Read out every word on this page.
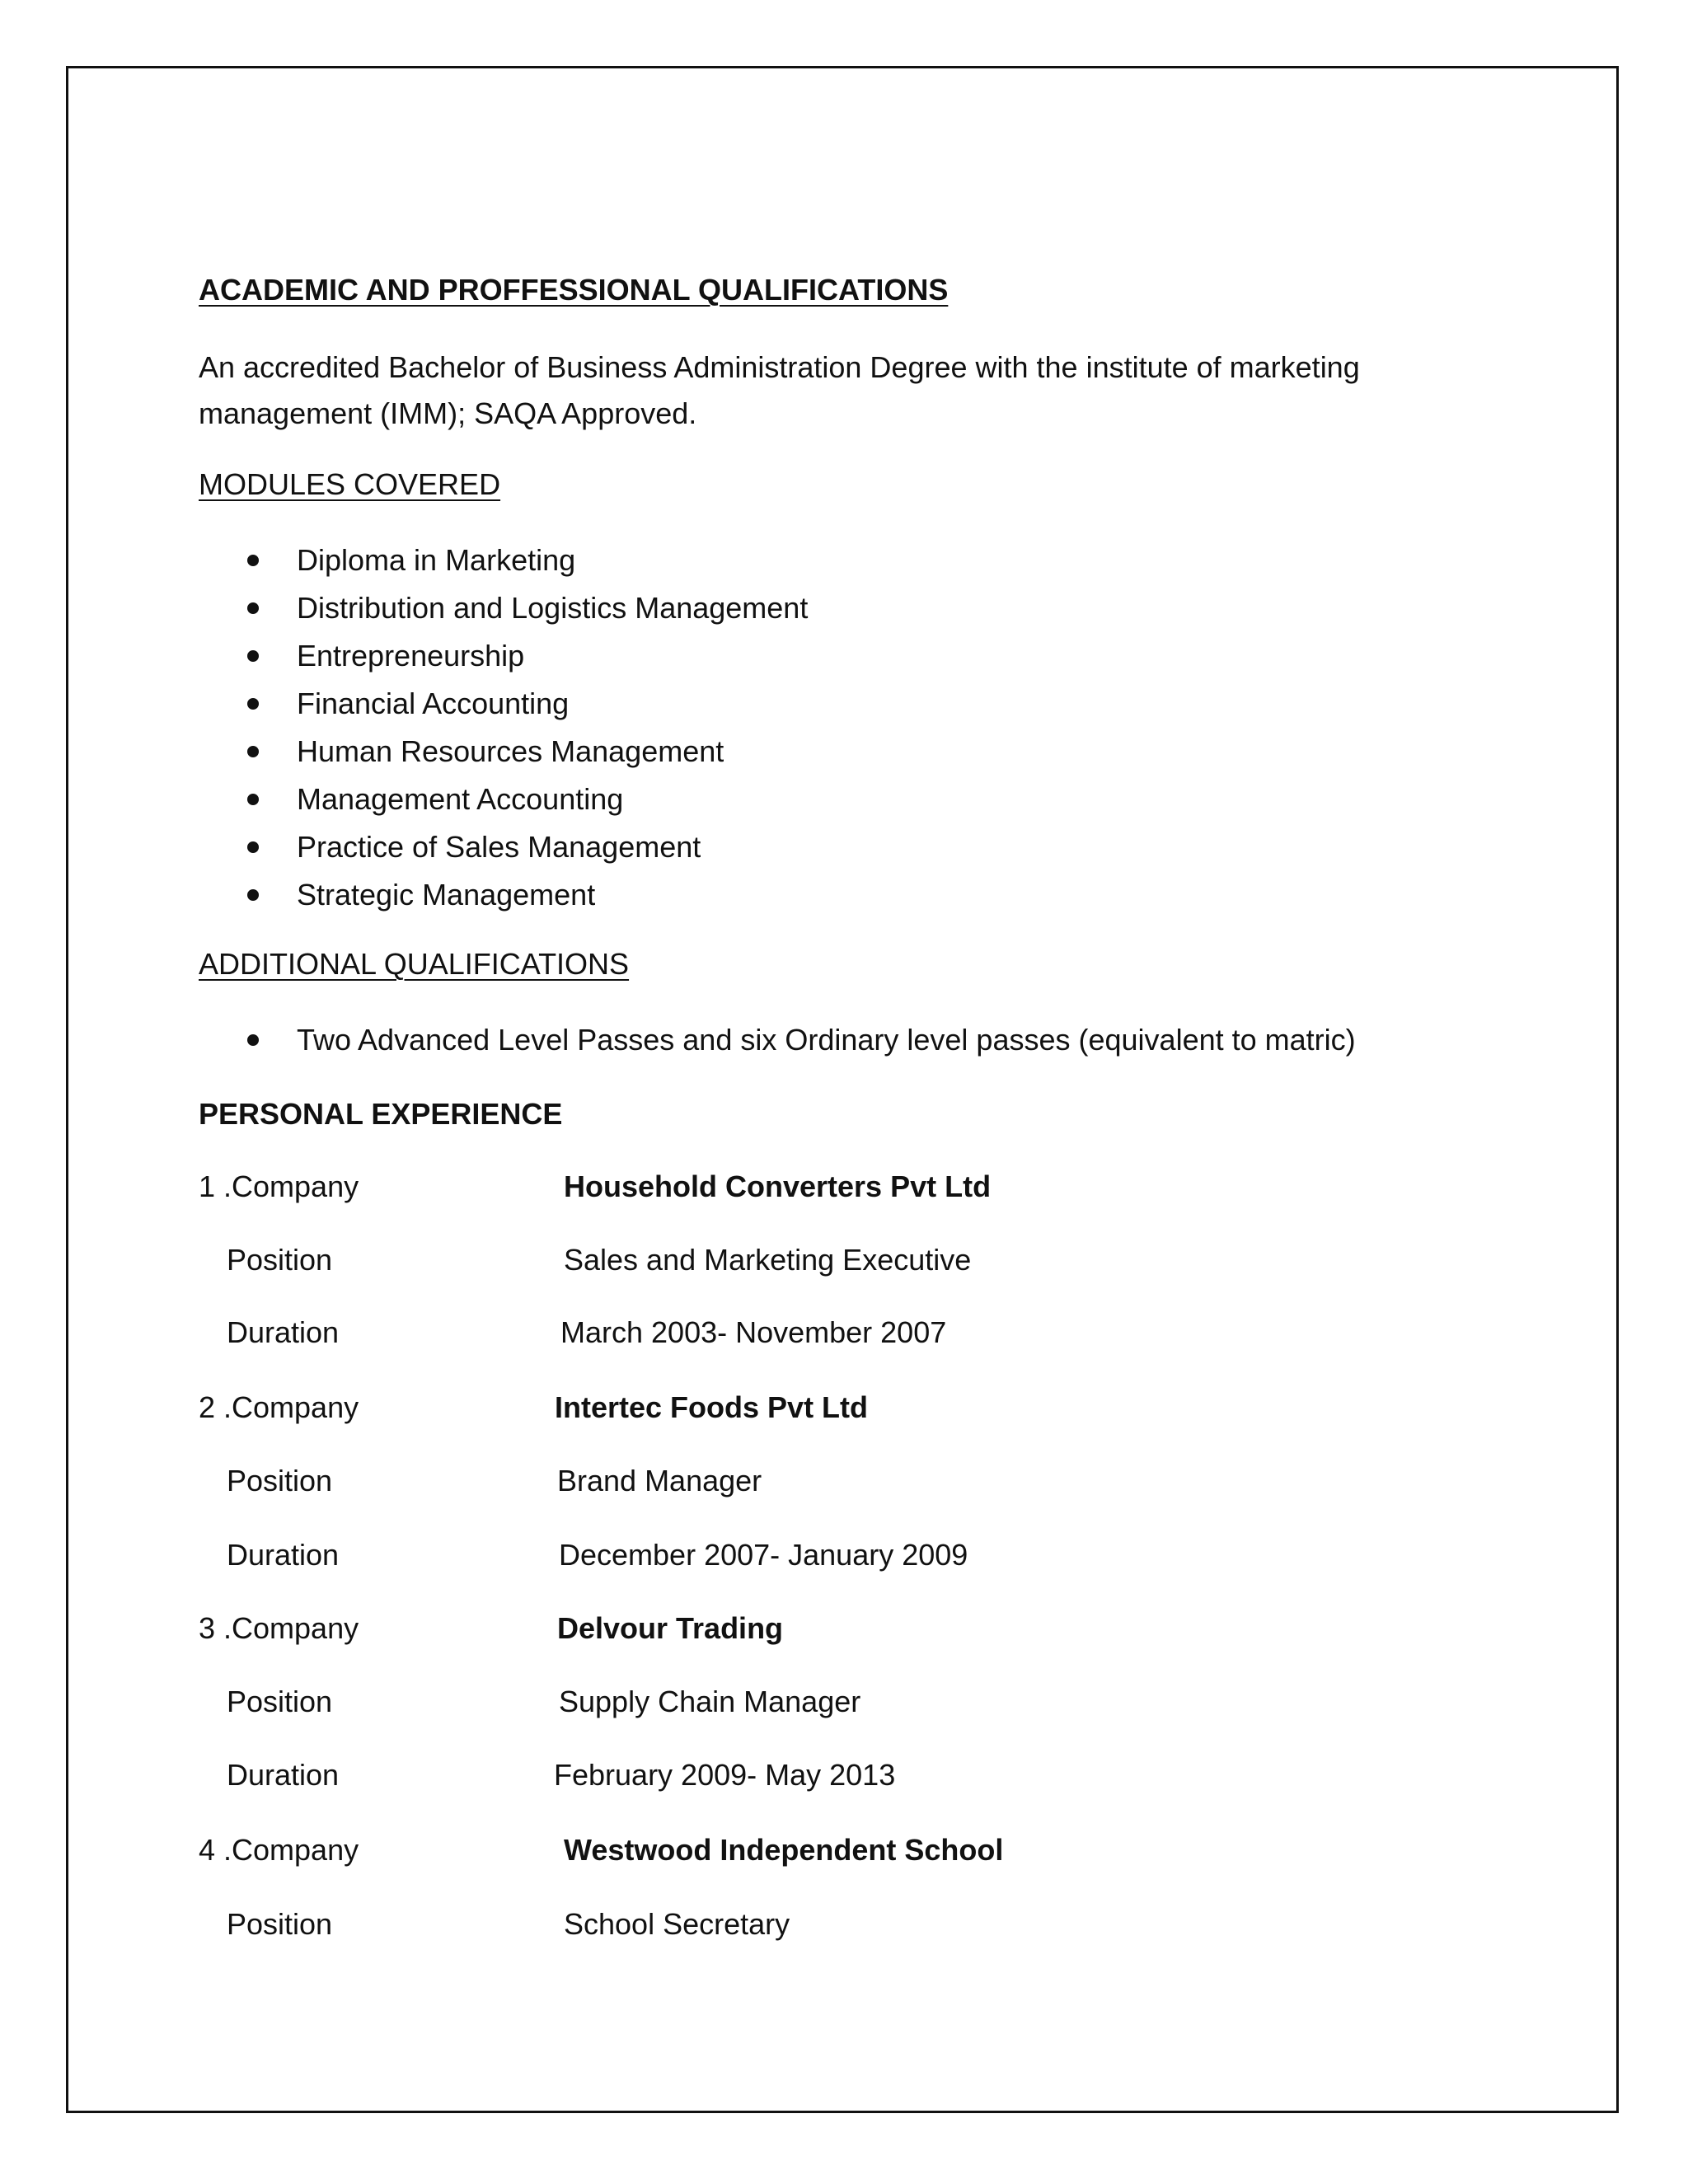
ACADEMIC AND PROFFESSIONAL QUALIFICATIONS
An accredited Bachelor of Business Administration Degree with the institute of marketing management (IMM); SAQA Approved.
MODULES COVERED
Diploma in Marketing
Distribution and Logistics Management
Entrepreneurship
Financial Accounting
Human Resources Management
Management Accounting
Practice of Sales Management
Strategic Management
ADDITIONAL QUALIFICATIONS
Two Advanced Level Passes and six Ordinary level passes (equivalent to matric)
PERSONAL EXPERIENCE
1 .Company	Household Converters Pvt Ltd
Position	Sales and Marketing Executive
Duration	March 2003- November 2007
2 .Company	Intertec Foods Pvt Ltd
Position	Brand Manager
Duration	December 2007- January 2009
3 .Company	Delvour Trading
Position	Supply Chain Manager
Duration	February 2009- May 2013
4 .Company	Westwood Independent School
Position	School Secretary
